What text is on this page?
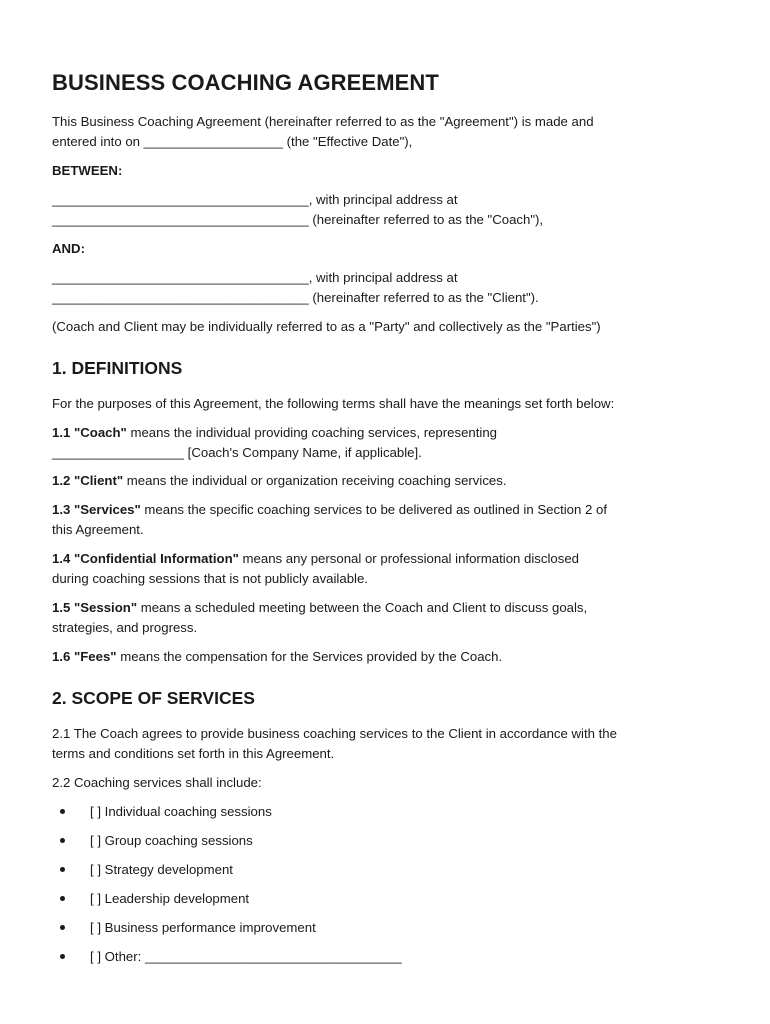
BUSINESS COACHING AGREEMENT
This Business Coaching Agreement (hereinafter referred to as the "Agreement") is made and
entered into on ___________________ (the "Effective Date"),
BETWEEN:
___________________________________, with principal address at
___________________________________ (hereinafter referred to as the "Coach"),
AND:
___________________________________, with principal address at
___________________________________ (hereinafter referred to as the "Client").
(Coach and Client may be individually referred to as a "Party" and collectively as the "Parties")
1. DEFINITIONS
For the purposes of this Agreement, the following terms shall have the meanings set forth below:
1.1 "Coach" means the individual providing coaching services, representing
__________________ [Coach's Company Name, if applicable].
1.2 "Client" means the individual or organization receiving coaching services.
1.3 "Services" means the specific coaching services to be delivered as outlined in Section 2 of
this Agreement.
1.4 "Confidential Information" means any personal or professional information disclosed
during coaching sessions that is not publicly available.
1.5 "Session" means a scheduled meeting between the Coach and Client to discuss goals,
strategies, and progress.
1.6 "Fees" means the compensation for the Services provided by the Coach.
2. SCOPE OF SERVICES
2.1 The Coach agrees to provide business coaching services to the Client in accordance with the
terms and conditions set forth in this Agreement.
2.2 Coaching services shall include:
[ ] Individual coaching sessions
[ ] Group coaching sessions
[ ] Strategy development
[ ] Leadership development
[ ] Business performance improvement
[ ] Other: ___________________________________
